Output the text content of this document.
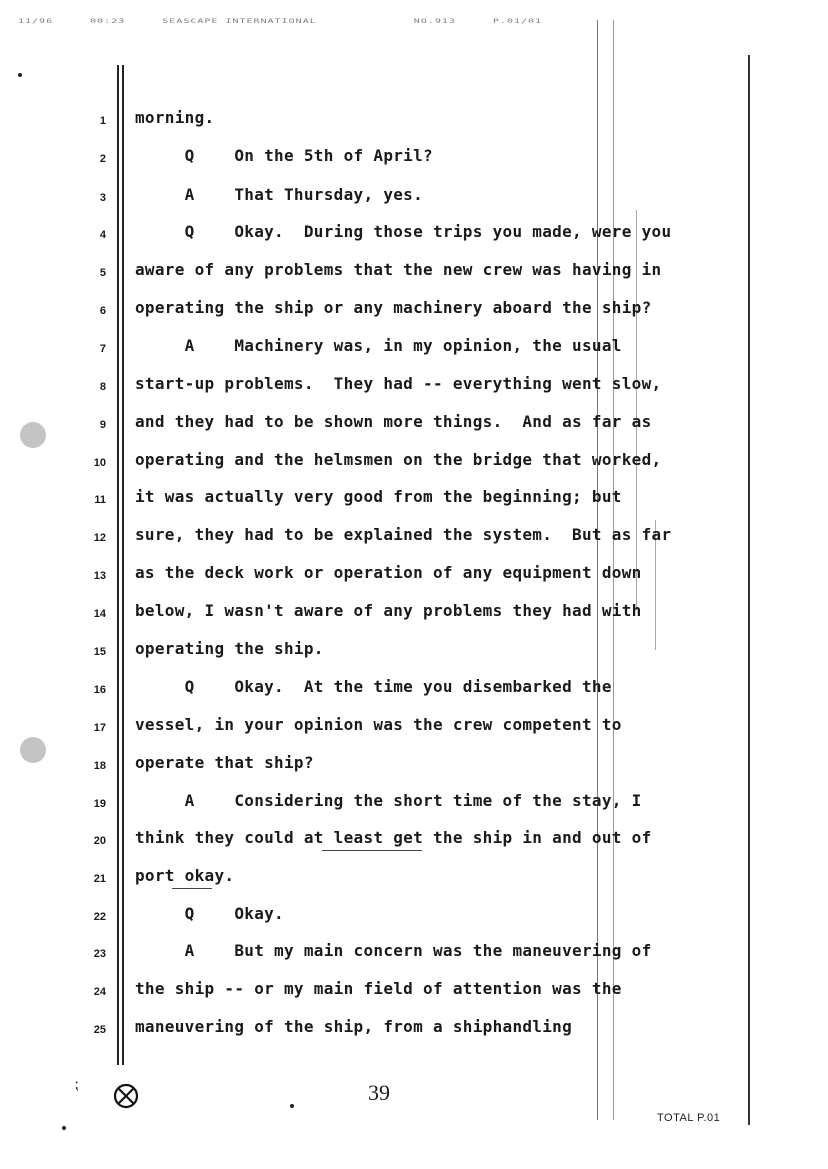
11/96	00:23	SEASCAPE INTERNATIONAL	NO.913	P.01/01
1 morning.
2 Q    On the 5th of April?
3 A    That Thursday, yes.
4 Q    Okay.  During those trips you made, were you
5 aware of any problems that the new crew was having in
6 operating the ship or any machinery aboard the ship?
7 A    Machinery was, in my opinion, the usual
8 start-up problems.  They had -- everything went slow,
9 and they had to be shown more things.  And as far as
10 operating and the helmsmen on the bridge that worked,
11 it was actually very good from the beginning; but
12 sure, they had to be explained the system.  But as far
13 as the deck work or operation of any equipment down
14 below, I wasn't aware of any problems they had with
15 operating the ship.
16 Q    Okay.  At the time you disembarked the
17 vessel, in your opinion was the crew competent to
18 operate that ship?
19 A    Considering the short time of the stay, I
20 think they could at least get the ship in and out of
21 port okay.
22 Q    Okay.
23 A    But my main concern was the maneuvering of
24 the ship -- or my main field of attention was the
25 maneuvering of the ship, from a shiphandling
⁏	39
TOTAL P.01
